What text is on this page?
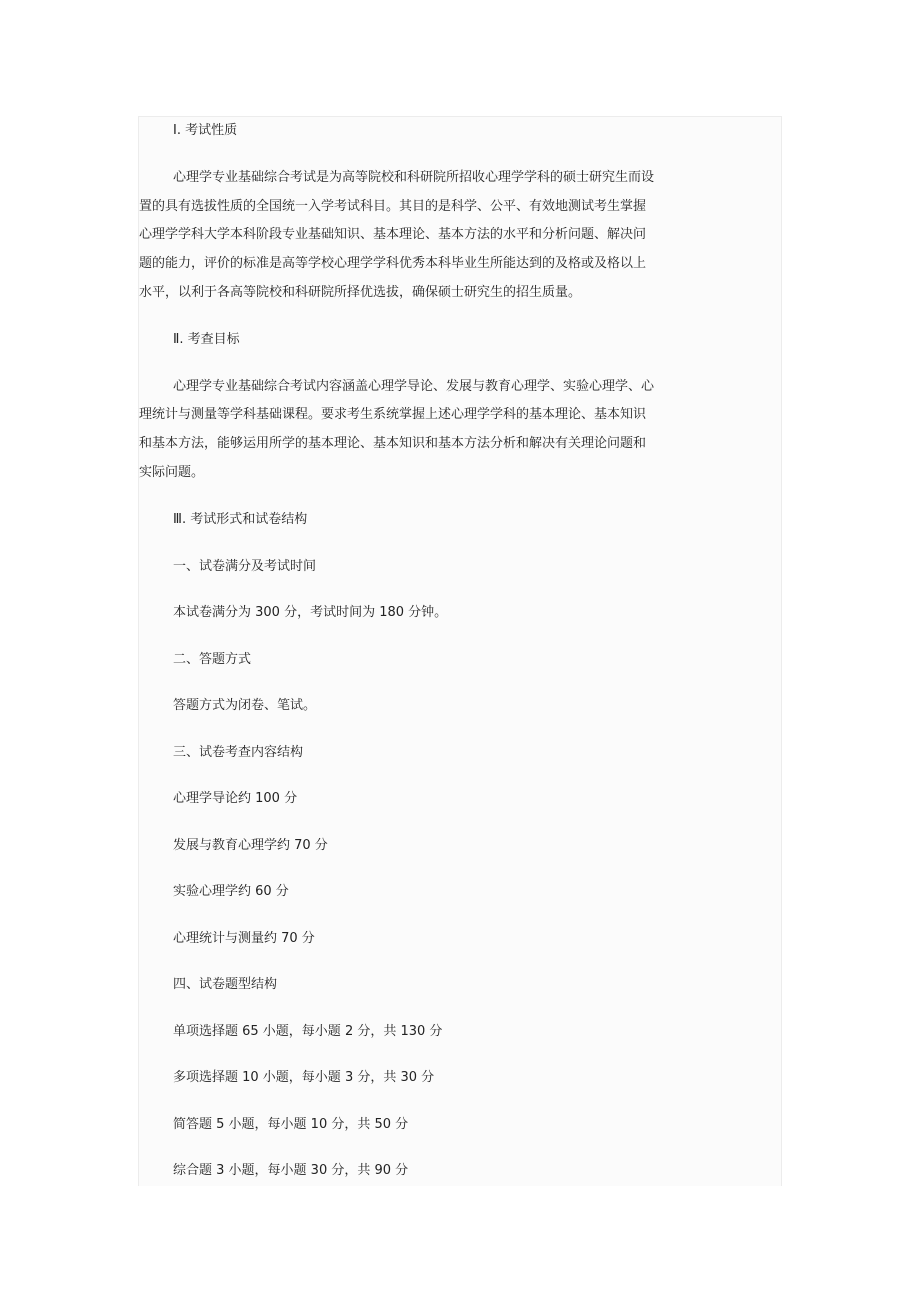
Ⅰ. 考试性质

心理学专业基础综合考试是为高等院校和科研院所招收心理学学科的硕士研究生而设

置的具有选拔性质的全国统一入学考试科目。其目的是科学、公平、有效地测试考生掌握

心理学学科大学本科阶段专业基础知识、基本理论、基本方法的水平和分析问题、解决问

题的能力，评价的标准是高等学校心理学学科优秀本科毕业生所能达到的及格或及格以上

水平，以利于各高等院校和科研院所择优选拔，确保硕士研究生的招生质量。

Ⅱ. 考查目标

心理学专业基础综合考试内容涵盖心理学导论、发展与教育心理学、实验心理学、心

理统计与测量等学科基础课程。要求考生系统掌握上述心理学学科的基本理论、基本知识

和基本方法，能够运用所学的基本理论、基本知识和基本方法分析和解决有关理论问题和

实际问题。

Ⅲ. 考试形式和试卷结构

一、试卷满分及考试时间

本试卷满分为 300 分，考试时间为 180 分钟。

二、答题方式

答题方式为闭卷、笔试。

三、试卷考查内容结构

心理学导论约 100 分

发展与教育心理学约 70 分

实验心理学约 60 分

心理统计与测量约 70 分

四、试卷题型结构

单项选择题 65 小题，每小题 2 分，共 130 分

多项选择题 10 小题，每小题 3 分，共 30 分

简答题 5 小题，每小题 10 分，共 50 分

综合题 3 小题，每小题 30 分，共 90 分
